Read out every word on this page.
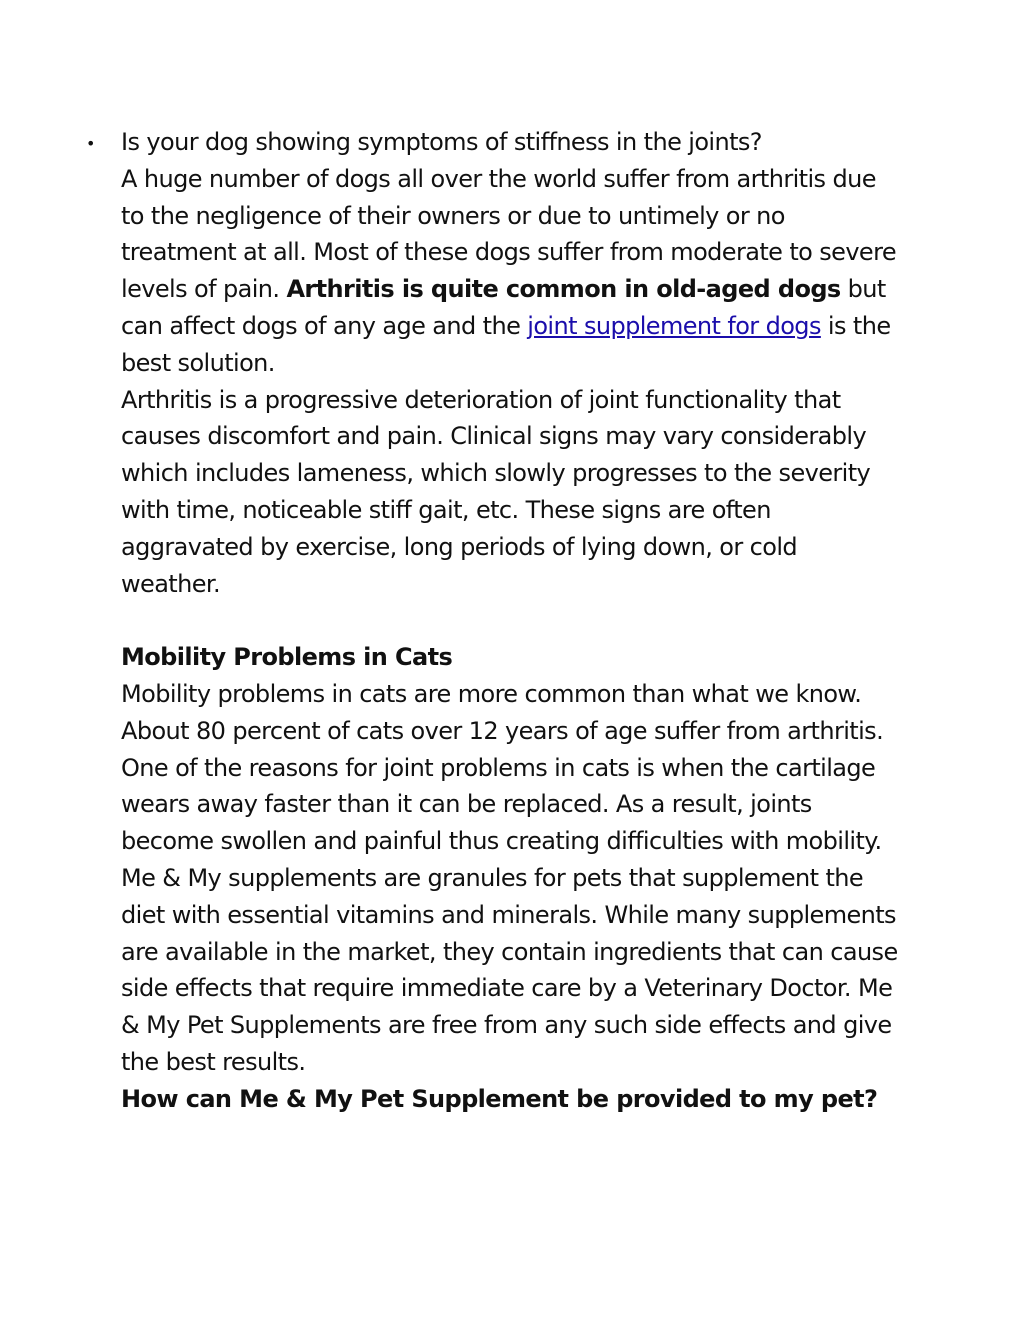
• Is your dog showing symptoms of stiffness in the joints?

A huge number of dogs all over the world suffer from arthritis due to the negligence of their owners or due to untimely or no treatment at all. Most of these dogs suffer from moderate to severe levels of pain. Arthritis is quite common in old-aged dogs but can affect dogs of any age and the joint supplement for dogs is the best solution.

Arthritis is a progressive deterioration of joint functionality that causes discomfort and pain. Clinical signs may vary considerably which includes lameness, which slowly progresses to the severity with time, noticeable stiff gait, etc. These signs are often aggravated by exercise, long periods of lying down, or cold weather.

Mobility Problems in Cats

Mobility problems in cats are more common than what we know. About 80 percent of cats over 12 years of age suffer from arthritis.

One of the reasons for joint problems in cats is when the cartilage wears away faster than it can be replaced. As a result, joints become swollen and painful thus creating difficulties with mobility.

Me & My supplements are granules for pets that supplement the diet with essential vitamins and minerals. While many supplements are available in the market, they contain ingredients that can cause side effects that require immediate care by a Veterinary Doctor. Me & My Pet Supplements are free from any such side effects and give the best results.

How can Me & My Pet Supplement be provided to my pet?
